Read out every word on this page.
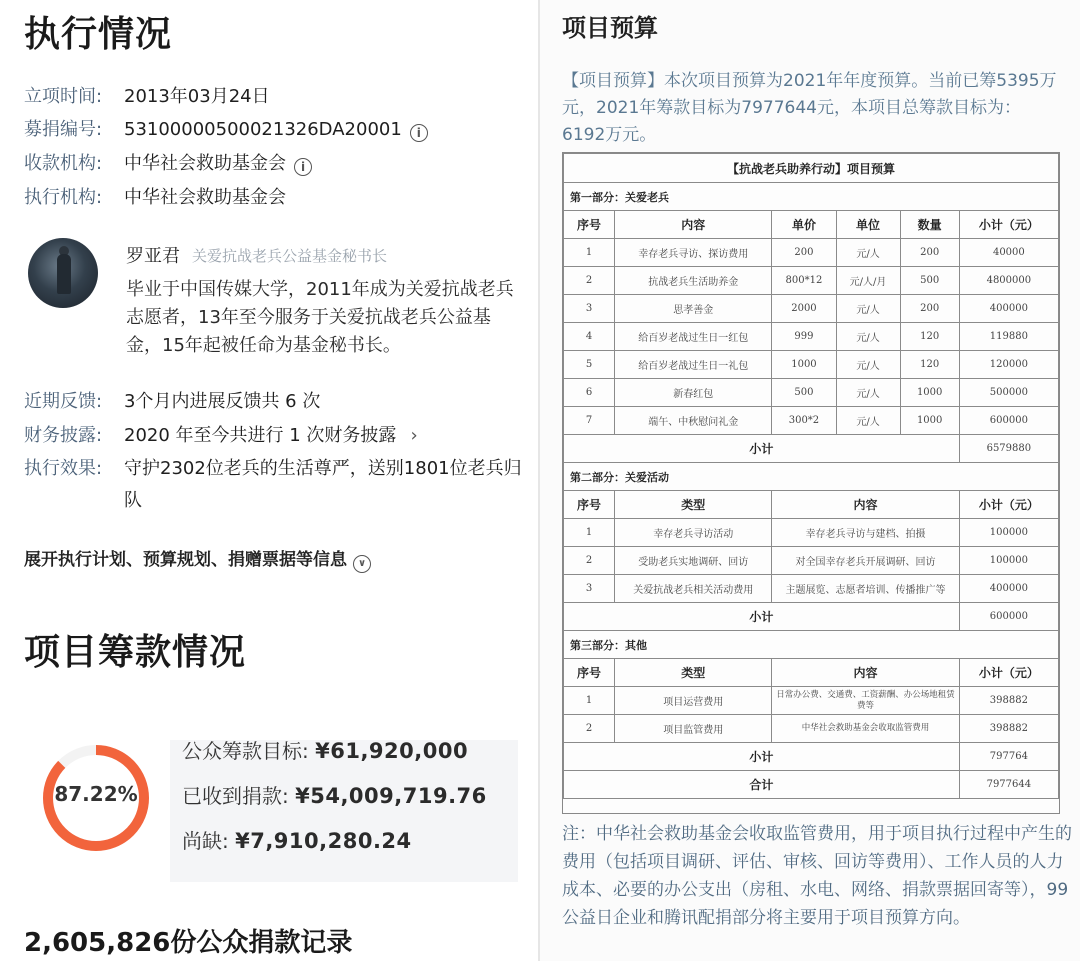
执行情况
立项时间: 2013年03月24日
募捐编号: 53100000500021326DA20001 i
收款机构: 中华社会救助基金会 i
执行机构: 中华社会救助基金会
罗亚君 关爱抗战老兵公益基金秘书长
毕业于中国传媒大学，2011年成为关爱抗战老兵志愿者，13年至今服务于关爱抗战老兵公益基金，15年起被任命为基金秘书长。
近期反馈: 3个月内进展反馈共 6 次
财务披露: 2020 年至今共进行 1 次财务披露 ›
执行效果:	守护2302位老兵的生活尊严，送别1801位老兵归队
展开执行计划、预算规划、捐赠票据等信息 ∨
项目筹款情况
87.22%
公众筹款目标: ¥61,920,000
已收到捐款: ¥54,009,719.76
尚缺: ¥7,910,280.24
2,605,826份公众捐款记录
项目预算
【项目预算】本次项目预算为2021年年度预算。当前已筹5395万元，2021年筹款目标为7977644元，本项目总筹款目标为：6192万元。
【抗战老兵助养行动】项目预算					
第一部分：关爱老兵					
序号	内容	单价	单位	数量	小计（元）
1	幸存老兵寻访、探访费用	200	元/人	200	40000
2	抗战老兵生活助养金	800*12	元/人/月	500	4800000
3	思孝善金	2000	元/人	200	400000
4	给百岁老战过生日一红包	999	元/人	120	119880
5	给百岁老战过生日一礼包	1000	元/人	120	120000
6	新春红包	500	元/人	1000	500000
7	端午、中秋慰问礼金	300*2	元/人	1000	600000
小计					6579880
第二部分：关爱活动					
序号	类型	内容			小计（元）
1	幸存老兵寻访活动	幸存老兵寻访与建档、拍摄			100000
2	受助老兵实地调研、回访	对全国幸存老兵开展调研、回访			100000
3	关爱抗战老兵相关活动费用	主题展览、志愿者培训、传播推广等			400000
小计					600000
第三部分：其他					
序号	类型	内容			小计（元）
1	项目运营费用	日常办公费、交通费、工资薪酬、办公场地租赁费等			398882
2	项目监管费用	中华社会救助基金会收取监管费用			398882
小计					797764
合计					7977644
注：中华社会救助基金会收取监管费用，用于项目执行过程中产生的费用（包括项目调研、评估、审核、回访等费用）、工作人员的人力成本、必要的办公支出（房租、水电、网络、捐款票据回寄等），99公益日企业和腾讯配捐部分将主要用于项目预算方向。
